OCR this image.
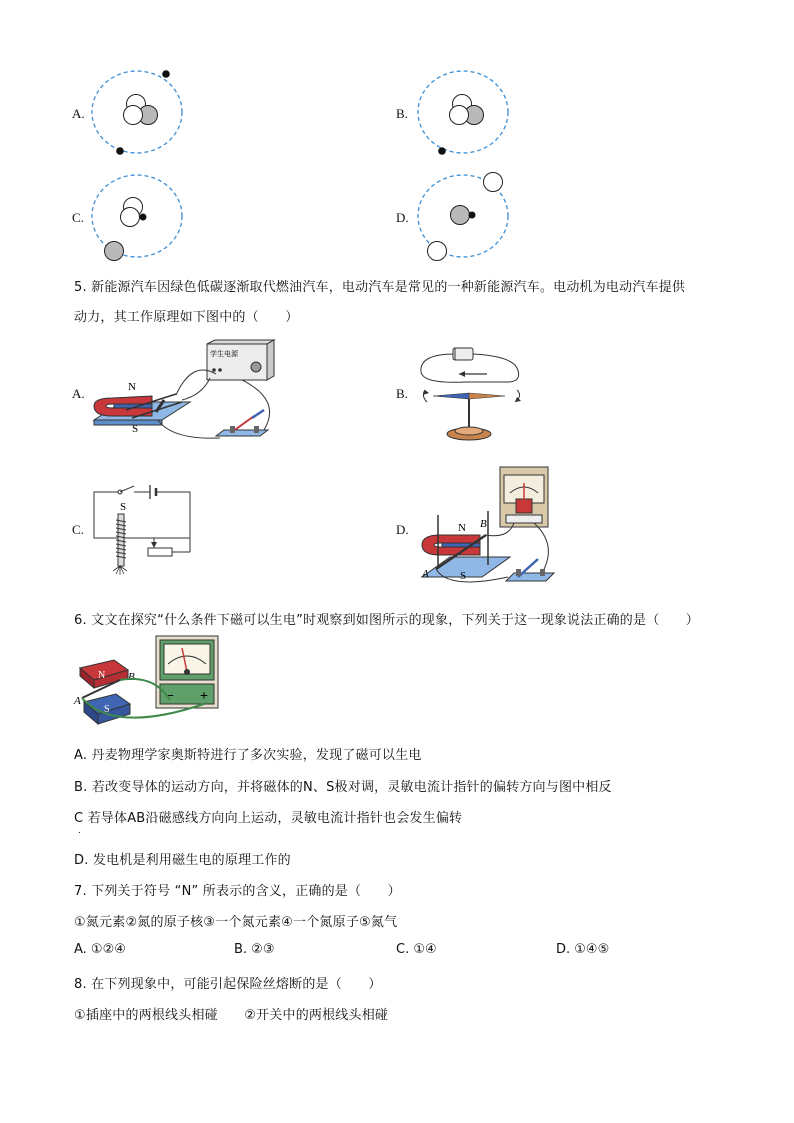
A.	B.
C.	D.
5. 新能源汽车因绿色低碳逐渐取代燃油汽车，电动汽车是常见的一种新能源汽车。电动机为电动汽车提供
动力，其工作原理如下图中的（　　）
A.
学生电源
N
S
B.
C.
S
D.	N
S
A
B
6. 文文在探究“什么条件下磁可以生电”时观察到如图所示的现象，下列关于这一现象说法正确的是（　　）
− +
N
S
A
B
A. 丹麦物理学家奥斯特进行了多次实验，发现了磁可以生电
B. 若改变导体的运动方向，并将磁体的N、S极对调，灵敏电流计指针的偏转方向与图中相反
C 若导体AB沿磁感线方向向上运动，灵敏电流计指针也会发生偏转
.
D. 发电机是利用磁生电的原理工作的
7. 下列关于符号 “N” 所表示的含义，正确的是（　　）
①氮元素②氮的原子核③一个氮元素④一个氮原子⑤氮气
A. ①②④	B. ②③	C. ①④	D. ①④⑤
8. 在下列现象中，可能引起保险丝熔断的是（　　）
①插座中的两根线头相碰　　②开关中的两根线头相碰
